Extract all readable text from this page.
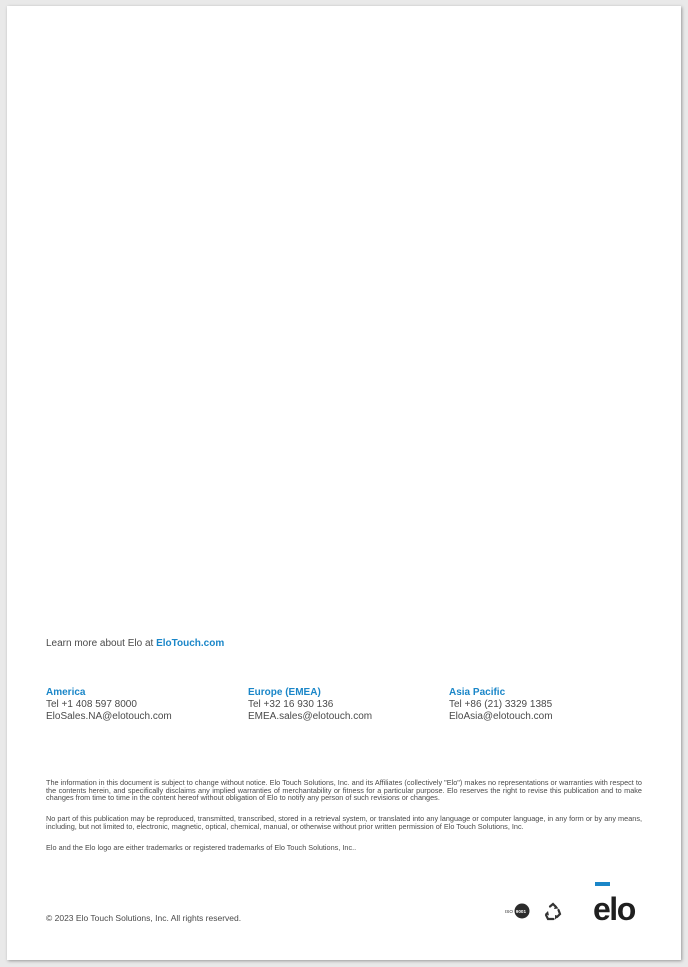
Learn more about Elo at EloTouch.com
America
Tel +1 408 597 8000
EloSales.NA@elotouch.com
Europe (EMEA)
Tel +32 16 930 136
EMEA.sales@elotouch.com
Asia Pacific
Tel +86 (21) 3329 1385
EloAsia@elotouch.com
The information in this document is subject to change without notice. Elo Touch Solutions, Inc. and its Affiliates (collectively "Elo") makes no representations or warranties with respect to the contents herein, and specifically disclaims any implied warranties of merchantability or fitness for a particular purpose. Elo reserves the right to revise this publication and to make changes from time to time in the content hereof without obligation of Elo to notify any person of such revisions or changes.
No part of this publication may be reproduced, transmitted, transcribed, stored in a retrieval system, or translated into any language or computer language, in any form or by any means, including, but not limited to, electronic, magnetic, optical, chemical, manual, or otherwise without prior written permission of Elo Touch Solutions, Inc.
Elo and the Elo logo are either trademarks or registered trademarks of Elo Touch Solutions, Inc..
© 2023 Elo Touch Solutions, Inc. All rights reserved.
ISO 9001 elo
